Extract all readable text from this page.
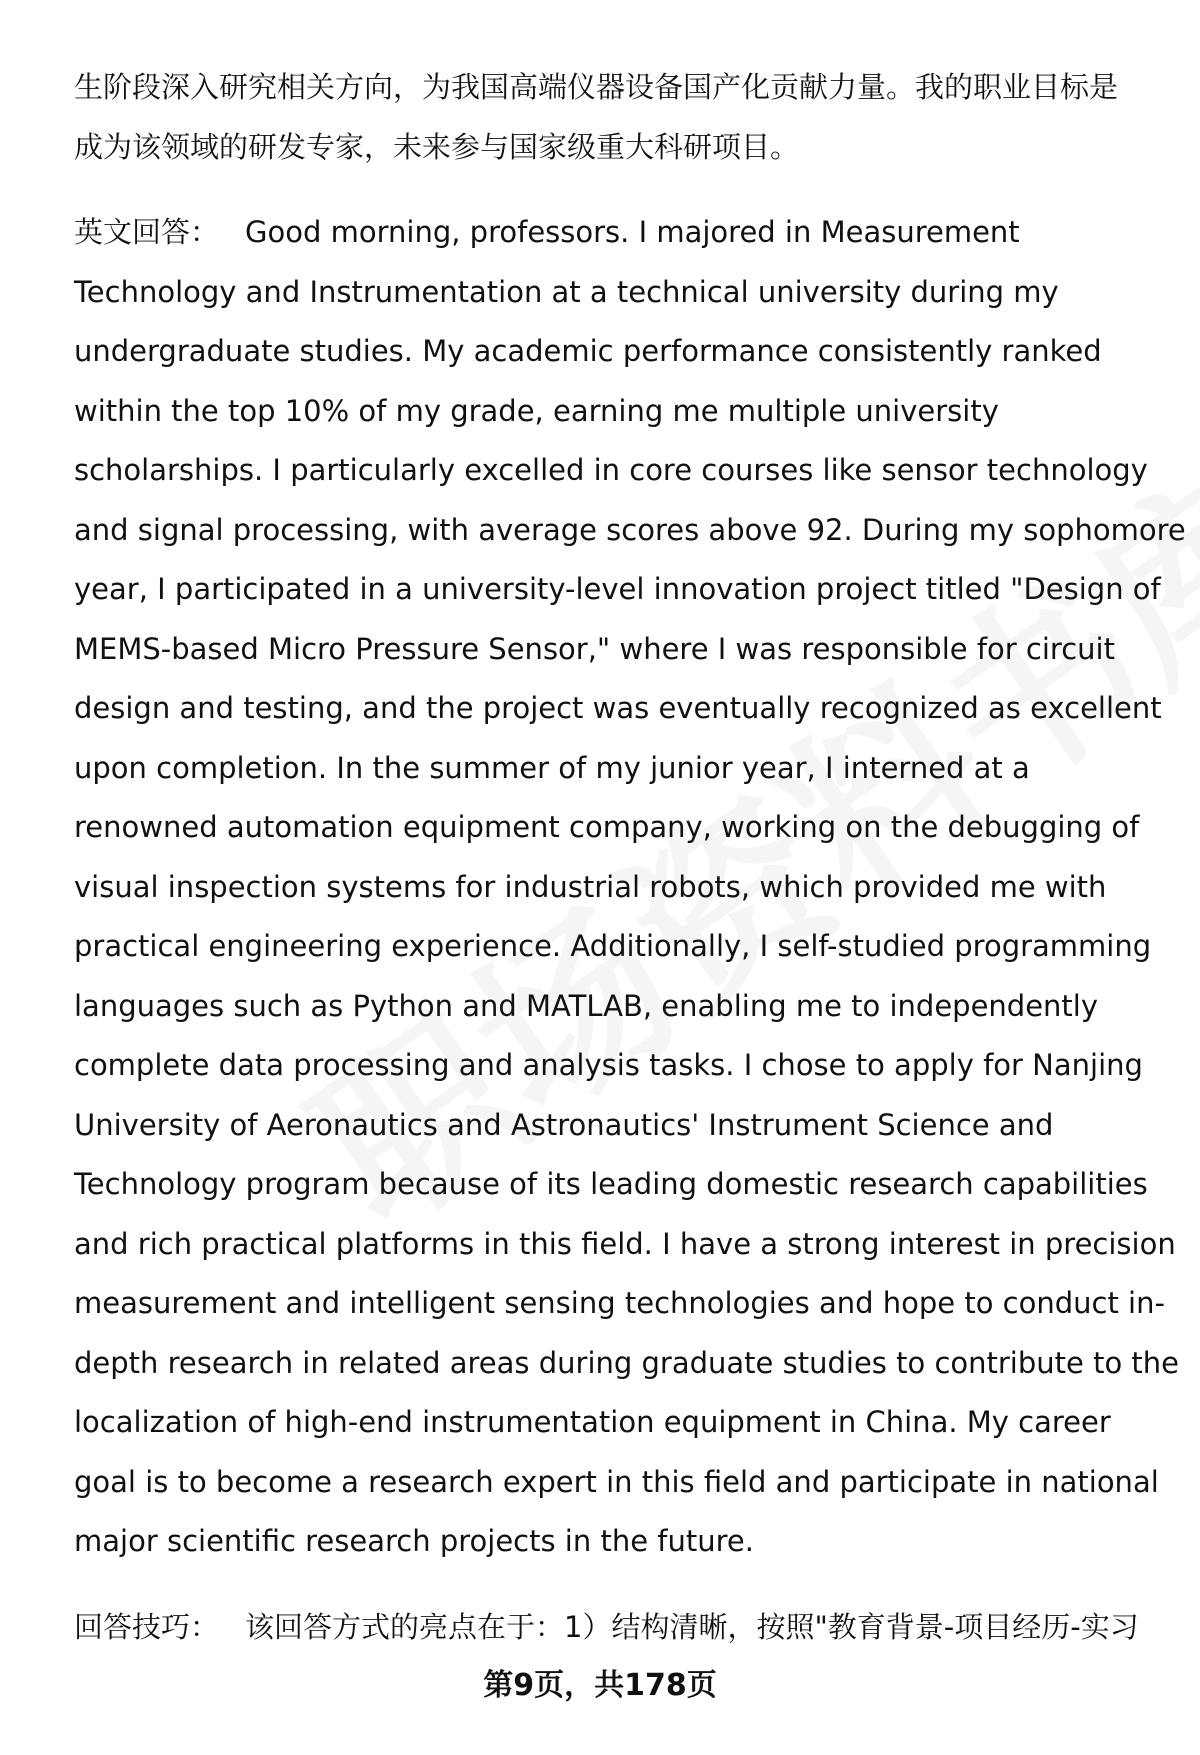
生阶段深入研究相关方向，为我国高端仪器设备国产化贡献力量。我的职业目标是
成为该领域的研发专家，未来参与国家级重大科研项目。

英文回答： Good morning, professors. I majored in Measurement
Technology and Instrumentation at a technical university during my
undergraduate studies. My academic performance consistently ranked
within the top 10% of my grade, earning me multiple university
scholarships. I particularly excelled in core courses like sensor technology
and signal processing, with average scores above 92. During my sophomore
year, I participated in a university-level innovation project titled "Design of
MEMS-based Micro Pressure Sensor," where I was responsible for circuit
design and testing, and the project was eventually recognized as excellent
upon completion. In the summer of my junior year, I interned at a
renowned automation equipment company, working on the debugging of
visual inspection systems for industrial robots, which provided me with
practical engineering experience. Additionally, I self-studied programming
languages such as Python and MATLAB, enabling me to independently
complete data processing and analysis tasks. I chose to apply for Nanjing
University of Aeronautics and Astronautics' Instrument Science and
Technology program because of its leading domestic research capabilities
and rich practical platforms in this field. I have a strong interest in precision
measurement and intelligent sensing technologies and hope to conduct in-
depth research in related areas during graduate studies to contribute to the
localization of high-end instrumentation equipment in China. My career
goal is to become a research expert in this field and participate in national
major scientific research projects in the future.

回答技巧： 该回答方式的亮点在于：1）结构清晰，按照"教育背景-项目经历-实习

第9页，共178页
